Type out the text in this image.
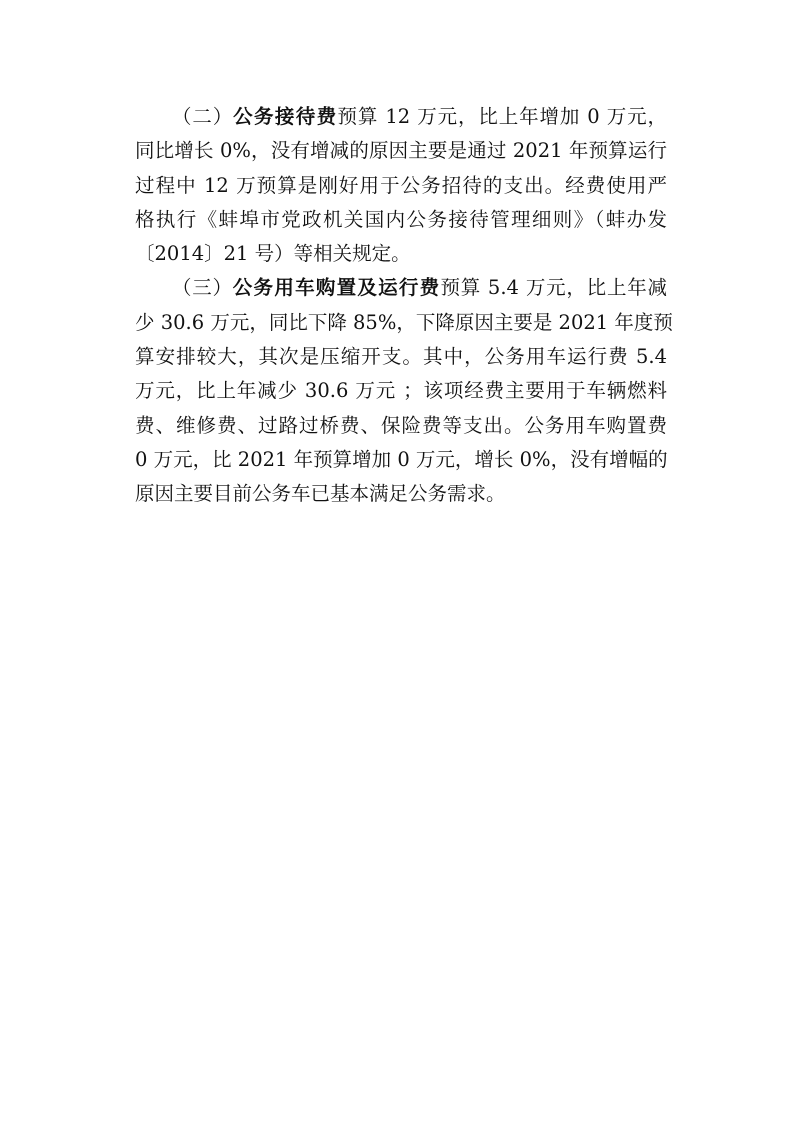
（二）公务接待费预算 12 万元，比上年增加 0 万元，
同比增长 0%，没有增减的原因主要是通过 2021 年预算运行
过程中 12 万预算是刚好用于公务招待的支出。经费使用严
格执行《蚌埠市党政机关国内公务接待管理细则》（蚌办发
〔2014〕21 号）等相关规定。

（三）公务用车购置及运行费预算 5.4 万元，比上年减
少 30.6 万元，同比下降 85%，下降原因主要是 2021 年度预
算安排较大，其次是压缩开支。其中，公务用车运行费 5.4
万元，比上年减少 30.6 万元 ；该项经费主要用于车辆燃料
费、维修费、过路过桥费、保险费等支出。公务用车购置费
0 万元，比 2021 年预算增加 0 万元，增长 0%，没有增幅的
原因主要目前公务车已基本满足公务需求。
